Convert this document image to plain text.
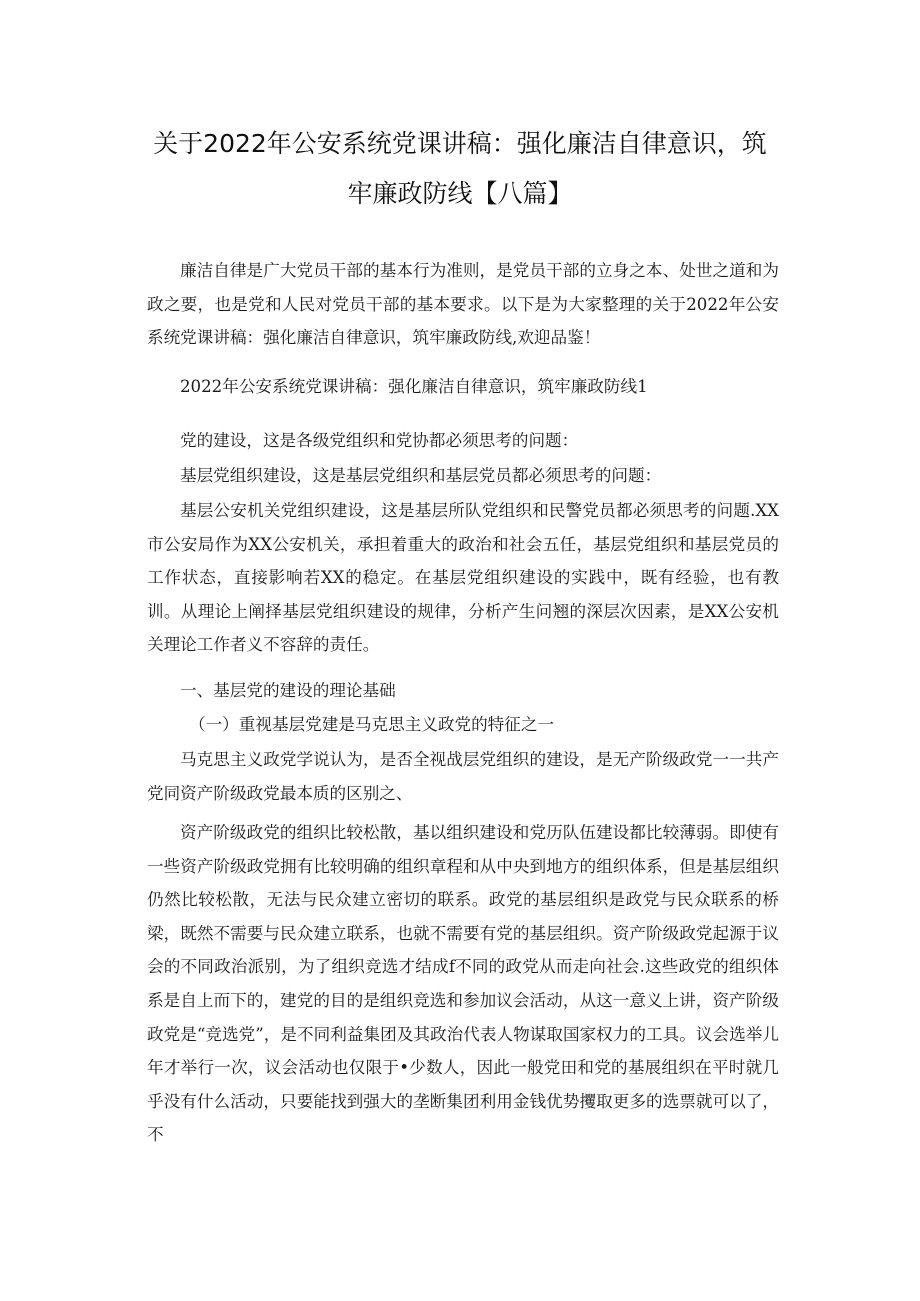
关于2022年公安系统党课讲稿：强化廉洁自律意识，筑
牢廉政防线【八篇】
廉洁自律是广大党员干部的基本行为准则，是党员干部的立身之本、处世之道和为政之要，也是党和人民对党员干部的基本要求。以下是为大家整理的关于2022年公安系统党课讲稿：强化廉洁自律意识，筑牢廉政防线,欢迎品鉴！
2022年公安系统党课讲稿：强化廉洁自律意识，筑牢廉政防线1
党的建设，这是各级党组织和党协都必须思考的问题：
基层党组织建设，这是基层党组织和基层党员都必须思考的问题：
基层公安机关党组织建设，这是基层所队党组织和民警党员都必须思考的问题.XX市公安局作为XX公安机关，承担着重大的政治和社会五任，基层党组织和基层党员的工作状态，直接影响若XX的稳定。在基层党组织建设的实践中，既有经验，也有教训。从理论上阐择基层党组织建设的规律，分析产生问翘的深层次因素，是XX公安机关理论工作者义不容辞的责任。
一、基层党的建设的理论基础
（一）重视基层党建是马克思主义政党的特征之一
马克思主义政党学说认为，是否全视战层党组织的建设，是无产阶级政党一一共产党同资产阶级政党最本质的区别之、
资产阶级政党的组织比较松散，基以组织建设和党历队伍建设都比较薄弱。即使有一些资产阶级政党拥有比较明确的组织章程和从中央到地方的组织体系，但是基层组织仍然比较松散，无法与民众建立密切的联系。政党的基层组织是政党与民众联系的桥梁，既然不需要与民众建立联系，也就不需要有党的基层组织。资产阶级政党起源于议会的不同政治派别，为了组织竞选才结成f不同的政党从而走向社会.这些政党的组织体系是自上而下的，建党的目的是组织竞选和参加议会活动，从这一意义上讲，资产阶级政党是“竞选党”，是不同利益集团及其政治代表人物谋取国家权力的工具。议会选举儿年才举行一次，议会活动也仅限于•少数人，因此一般党田和党的基展组织在平时就几乎没有什么活动，只要能找到强大的垄断集团利用金钱优势攫取更多的选票就可以了，不
